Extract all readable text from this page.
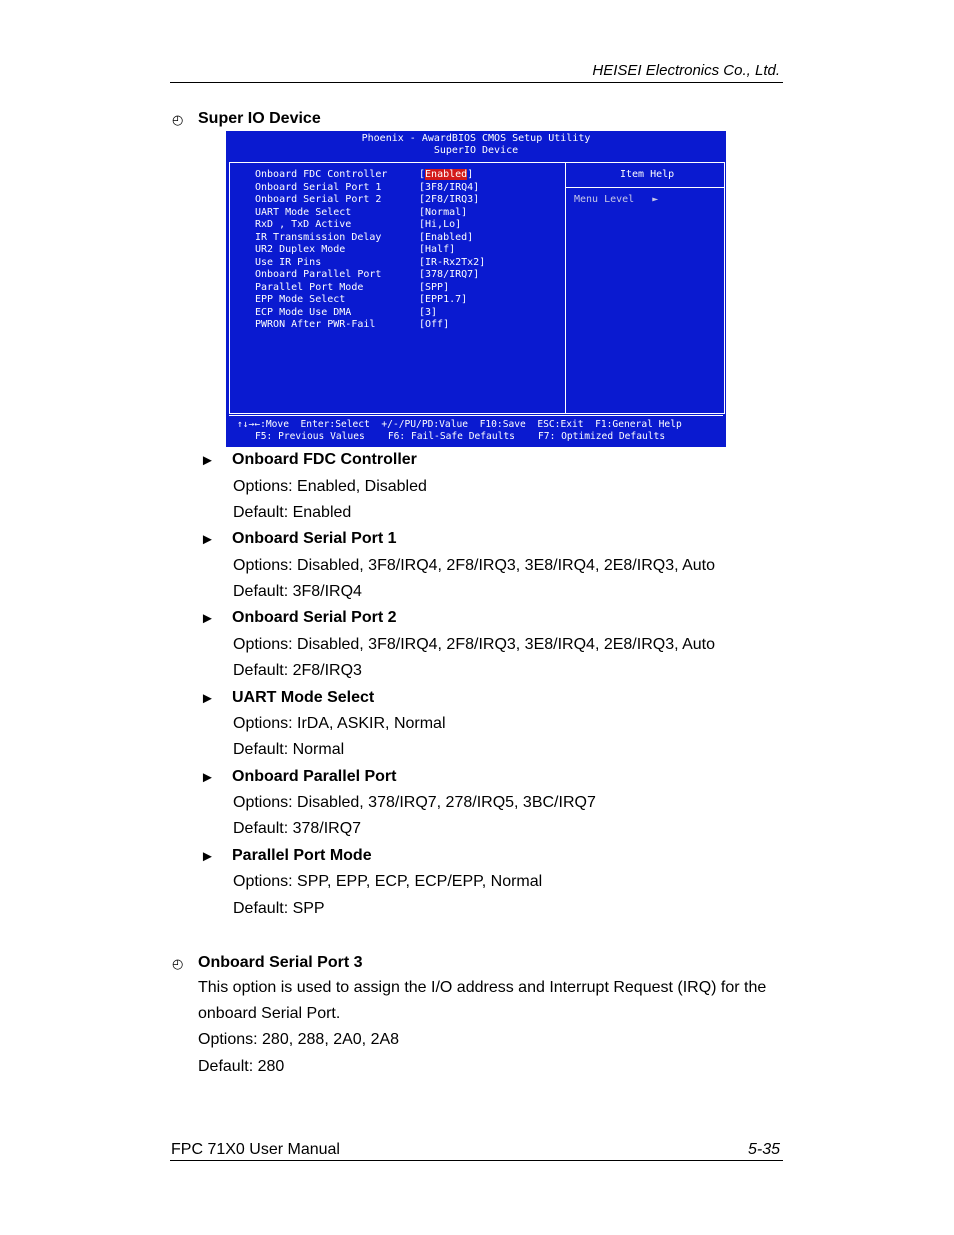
HEISEI Electronics Co., Ltd.
◴ Super IO Device
Phoenix - AwardBIOS CMOS Setup Utility
SuperIO Device
Item Help
Menu Level   ►
Onboard FDC Controller	[Enabled]
Onboard Serial Port 1	[3F8/IRQ4]
Onboard Serial Port 2	[2F8/IRQ3]
UART Mode Select	[Normal]
RxD , TxD Active	[Hi,Lo]
IR Transmission Delay	[Enabled]
UR2 Duplex Mode	[Half]
Use IR Pins	[IR-Rx2Tx2]
Onboard Parallel Port	[378/IRQ7]
Parallel Port Mode	[SPP]
EPP Mode Select	[EPP1.7]
ECP Mode Use DMA	[3]
PWRON After PWR-Fail	[Off]
↑↓→←:Move  Enter:Select  +/-/PU/PD:Value  F10:Save  ESC:Exit  F1:General Help
F5: Previous Values    F6: Fail-Safe Defaults    F7: Optimized Defaults
► Onboard FDC Controller
Options: Enabled, Disabled
Default: Enabled
► Onboard Serial Port 1
Options: Disabled, 3F8/IRQ4, 2F8/IRQ3, 3E8/IRQ4, 2E8/IRQ3, Auto
Default: 3F8/IRQ4
► Onboard Serial Port 2
Options: Disabled, 3F8/IRQ4, 2F8/IRQ3, 3E8/IRQ4, 2E8/IRQ3, Auto
Default: 2F8/IRQ3
► UART Mode Select
Options: IrDA, ASKIR, Normal
Default: Normal
► Onboard Parallel Port
Options: Disabled, 378/IRQ7, 278/IRQ5, 3BC/IRQ7
Default: 378/IRQ7
► Parallel Port Mode
Options: SPP, EPP, ECP, ECP/EPP, Normal
Default: SPP
◴ Onboard Serial Port 3
This option is used to assign the I/O address and Interrupt Request (IRQ) for the
onboard Serial Port.
Options: 280, 288, 2A0, 2A8
Default: 280
FPC 71X0 User Manual	5-35
